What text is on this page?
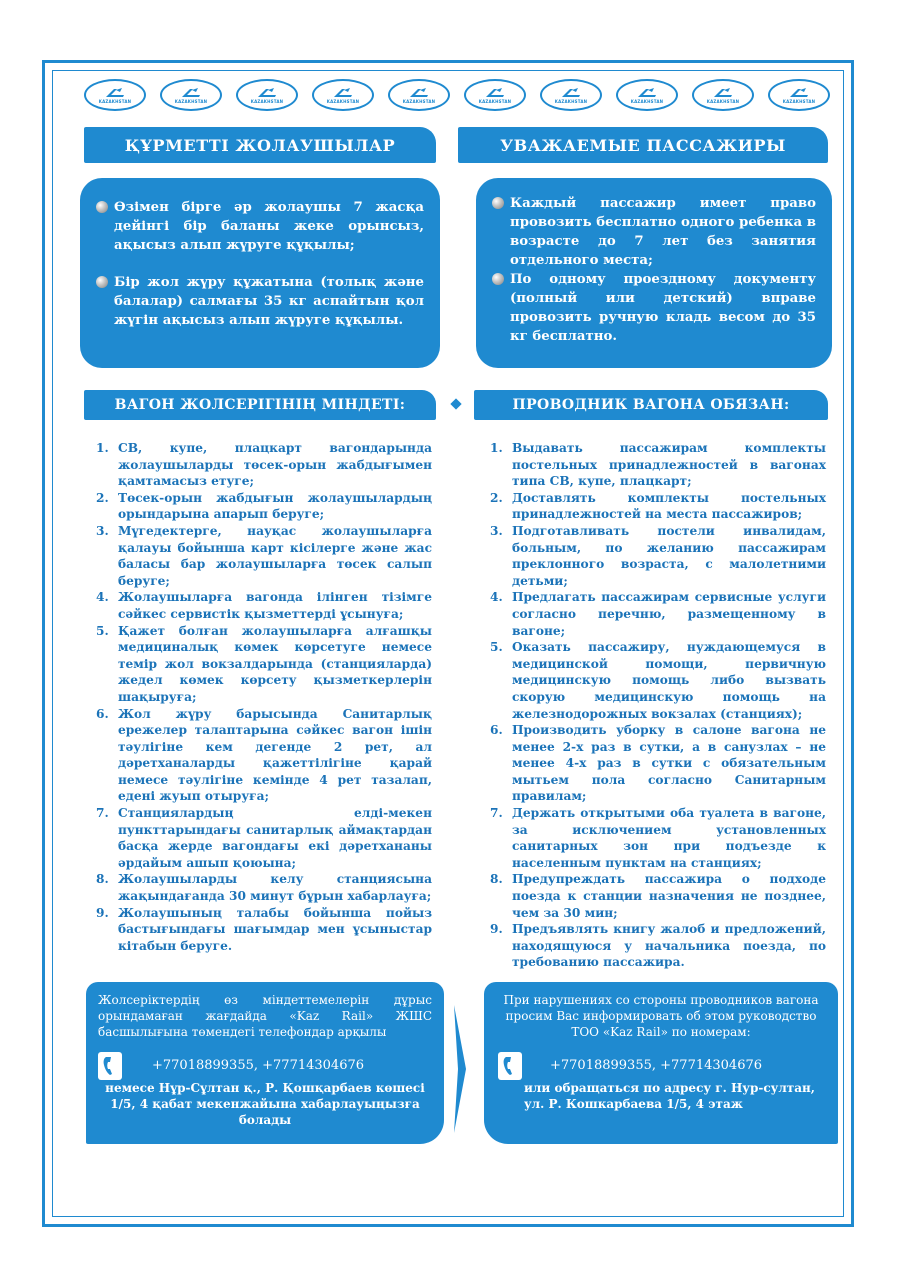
KAZAKHSTAN	KAZAKHSTAN	KAZAKHSTAN	KAZAKHSTAN	KAZAKHSTAN	KAZAKHSTAN	KAZAKHSTAN	KAZAKHSTAN	KAZAKHSTAN	KAZAKHSTAN
ҚҰРМЕТТІ ЖОЛАУШЫЛАР	УВАЖАЕМЫЕ ПАССАЖИРЫ
Өзімен бірге әр жолаушы 7 жасқа дейінгі бір баланы жеке орынсыз, ақысыз алып жүруге құқылы;
Бір жол жүру құжатына (толық және балалар) салмағы 35 кг аспайтын қол жүгін ақысыз алып жүруге құқылы.
Каждый пассажир имеет право провозить бесплатно одного ребенка в возрасте до 7 лет без занятия отдельного места;
По одному проездному документу (полный или детский) вправе провозить ручную кладь весом до 35 кг бесплатно.
ВАГОН ЖОЛСЕРІГІНІҢ МІНДЕТІ:	ПРОВОДНИК ВАГОНА ОБЯЗАН:
1. СВ, купе, плацкарт вагондарында жолаушыларды төсек-орын жабдығымен қамтамасыз етуге;
2. Төсек-орын жабдығын жолаушылардың орындарына апарып беруге;
3. Мүгедектерге, науқас жолаушыларға қалауы бойынша карт кісілерге және жас баласы бар жолаушыларға төсек салып беруге;
4. Жолаушыларға вагонда ілінген тізімге сәйкес сервистік қызметтерді ұсынуға;
5. Қажет болған жолаушыларға алғашқы медициналық көмек көрсетуге немесе темір жол вокзалдарында (станцияларда) жедел көмек көрсету қызметкерлерін шақыруға;
6. Жол жүру барысында Санитарлық ережелер талаптарына сәйкес вагон ішін тәулігіне кем дегенде 2 рет, ал дәретханаларды қажеттілігіне қарай немесе тәулігіне кемінде 4 рет тазалап, едені жуып отыруға;
7. Станциялардың елді-мекен пункттарындағы санитарлық аймақтардан басқа жерде вагондағы екі дәретхананы әрдайым ашып қоюына;
8. Жолаушыларды келу станциясына жақындағанда 30 минут бұрын хабарлауға;
9. Жолаушының талабы бойынша пойыз бастығындағы шағымдар мен ұсыныстар кітабын беруге.
1. Выдавать пассажирам комплекты постельных принадлежностей в вагонах типа СВ, купе, плацкарт;
2. Доставлять комплекты постельных принадлежностей на места пассажиров;
3. Подготавливать постели инвалидам, больным, по желанию пассажирам преклонного возраста, с малолетними детьми;
4. Предлагать пассажирам сервисные услуги согласно перечню, размещенному в вагоне;
5. Оказать пассажиру, нуждающемуся в медицинской помощи, первичную медицинскую помощь либо вызвать скорую медицинскую помощь на железнодорожных вокзалах (станциях);
6. Производить уборку в салоне вагона не менее 2-х раз в сутки, а в санузлах – не менее 4-х раз в сутки с обязательным мытьем пола согласно Санитарным правилам;
7. Держать открытыми оба туалета в вагоне, за исключением установленных санитарных зон при подъезде к населенным пунктам на станциях;
8. Предупреждать пассажира о подходе поезда к станции назначения не позднее, чем за 30 мин;
9. Предъявлять книгу жалоб и предложений, находящуюся у начальника поезда, по требованию пассажира.
Жолсеріктердің өз міндеттемелерін дұрыс орындамаған жағдайда «Kaz Rail» ЖШС басшылығына төмендегі телефондар арқылы
+77018899355, +77714304676
немесе Нұр-Сұлтан қ., Р. Қошқарбаев көшесі 1/5, 4 қабат мекенжайына хабарлауыңызға болады
При нарушениях со стороны проводников вагона просим Вас информировать об этом руководство ТОО «Kaz Rail» по номерам:
+77018899355, +77714304676
или обращаться по адресу г. Нур-султан, ул. Р. Кошкарбаева 1/5, 4 этаж
